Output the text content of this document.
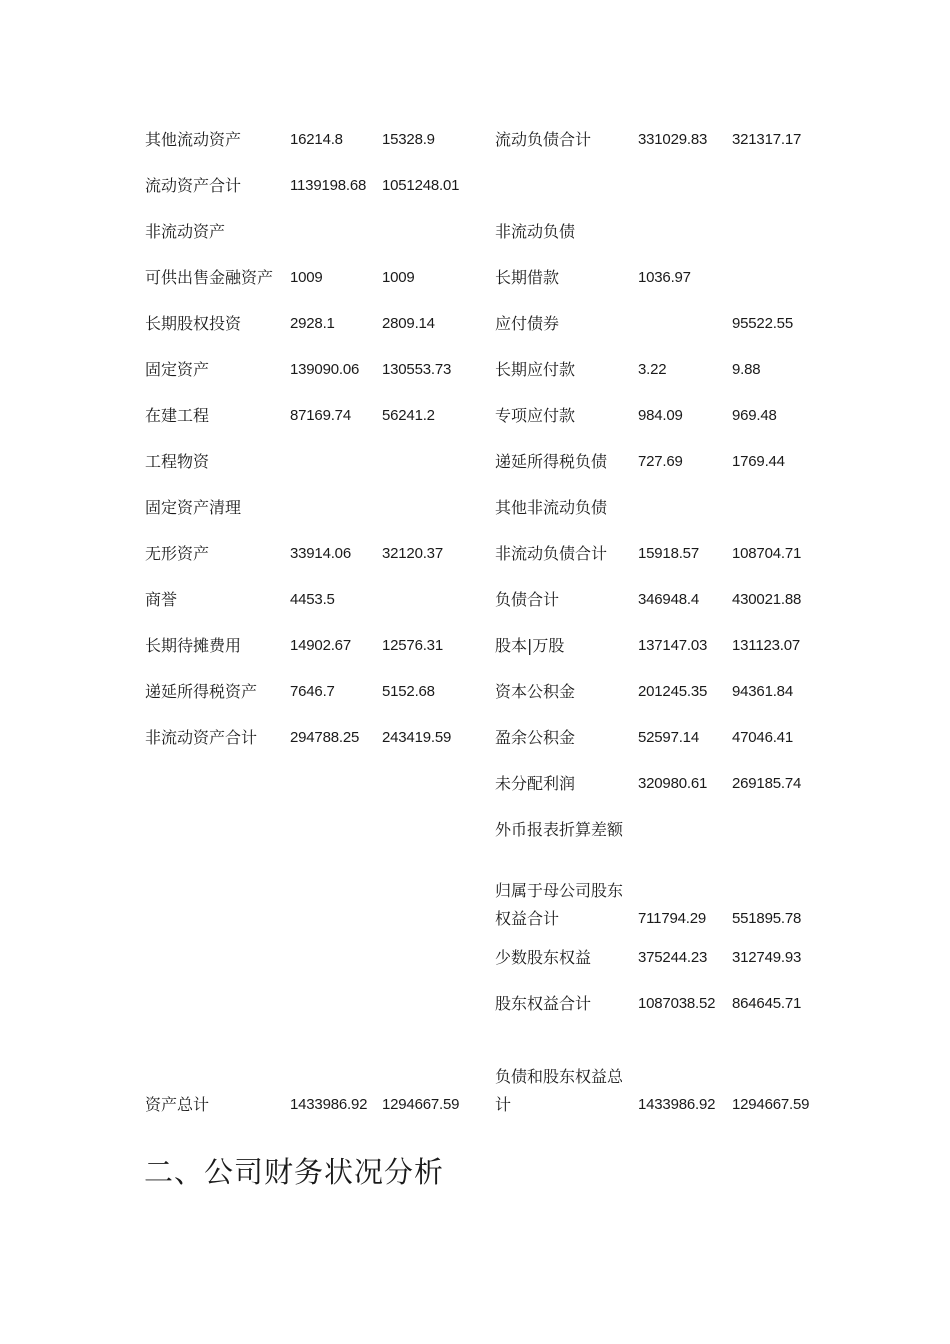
其他流动资产	16214.8	15328.9	流动负债合计	331029.83	321317.17
流动资产合计	1139198.68	1051248.01			
非流动资产			非流动负债		
可供出售金融资产	1009	1009	长期借款	1036.97	
长期股权投资	2928.1	2809.14	应付债券		95522.55
固定资产	139090.06	130553.73	长期应付款	3.22	9.88
在建工程	87169.74	56241.2	专项应付款	984.09	969.48
工程物资			递延所得税负债	727.69	1769.44
固定资产清理			其他非流动负债		
无形资产	33914.06	32120.37	非流动负债合计	15918.57	108704.71
商誉	4453.5		负债合计	346948.4	430021.88
长期待摊费用	14902.67	12576.31	股本|万股	137147.03	131123.07
递延所得税资产	7646.7	5152.68	资本公积金	201245.35	94361.84
非流动资产合计	294788.25	243419.59	盈余公积金	52597.14	47046.41
			未分配利润	320980.61	269185.74
			外币报表折算差额		
			归属于母公司股东权益合计	711794.29	551895.78
			少数股东权益	375244.23	312749.93
			股东权益合计	1087038.52	864645.71
资产总计	1433986.92	1294667.59	负债和股东权益总计	1433986.92	1294667.59
二、公司财务状况分析
